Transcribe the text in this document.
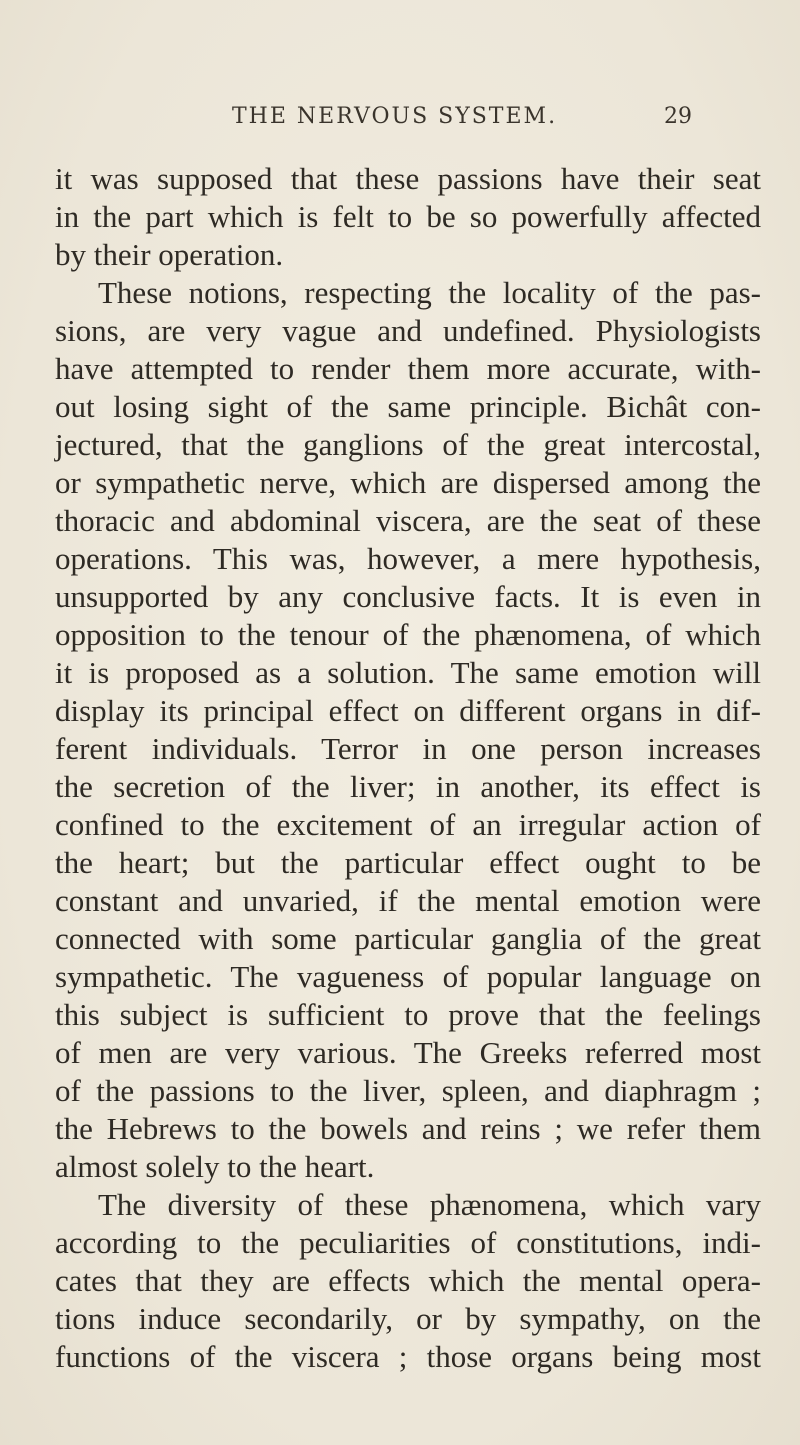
THE NERVOUS SYSTEM.	29
it was supposed that these passions have their seat
in the part which is felt to be so powerfully affected
by their operation.
These notions, respecting the locality of the pas-
sions, are very vague and undefined. Physiologists
have attempted to render them more accurate, with-
out losing sight of the same principle. Bichât con-
jectured, that the ganglions of the great intercostal,
or sympathetic nerve, which are dispersed among the
thoracic and abdominal viscera, are the seat of these
operations. This was, however, a mere hypothesis,
unsupported by any conclusive facts. It is even in
opposition to the tenour of the phænomena, of which
it is proposed as a solution. The same emotion will
display its principal effect on different organs in dif-
ferent individuals. Terror in one person increases
the secretion of the liver; in another, its effect is
confined to the excitement of an irregular action of
the heart; but the particular effect ought to be
constant and unvaried, if the mental emotion were
connected with some particular ganglia of the great
sympathetic. The vagueness of popular language on
this subject is sufficient to prove that the feelings
of men are very various. The Greeks referred most
of the passions to the liver, spleen, and diaphragm ;
the Hebrews to the bowels and reins ; we refer them
almost solely to the heart.
The diversity of these phænomena, which vary
according to the peculiarities of constitutions, indi-
cates that they are effects which the mental opera-
tions induce secondarily, or by sympathy, on the
functions of the viscera ; those organs being most
